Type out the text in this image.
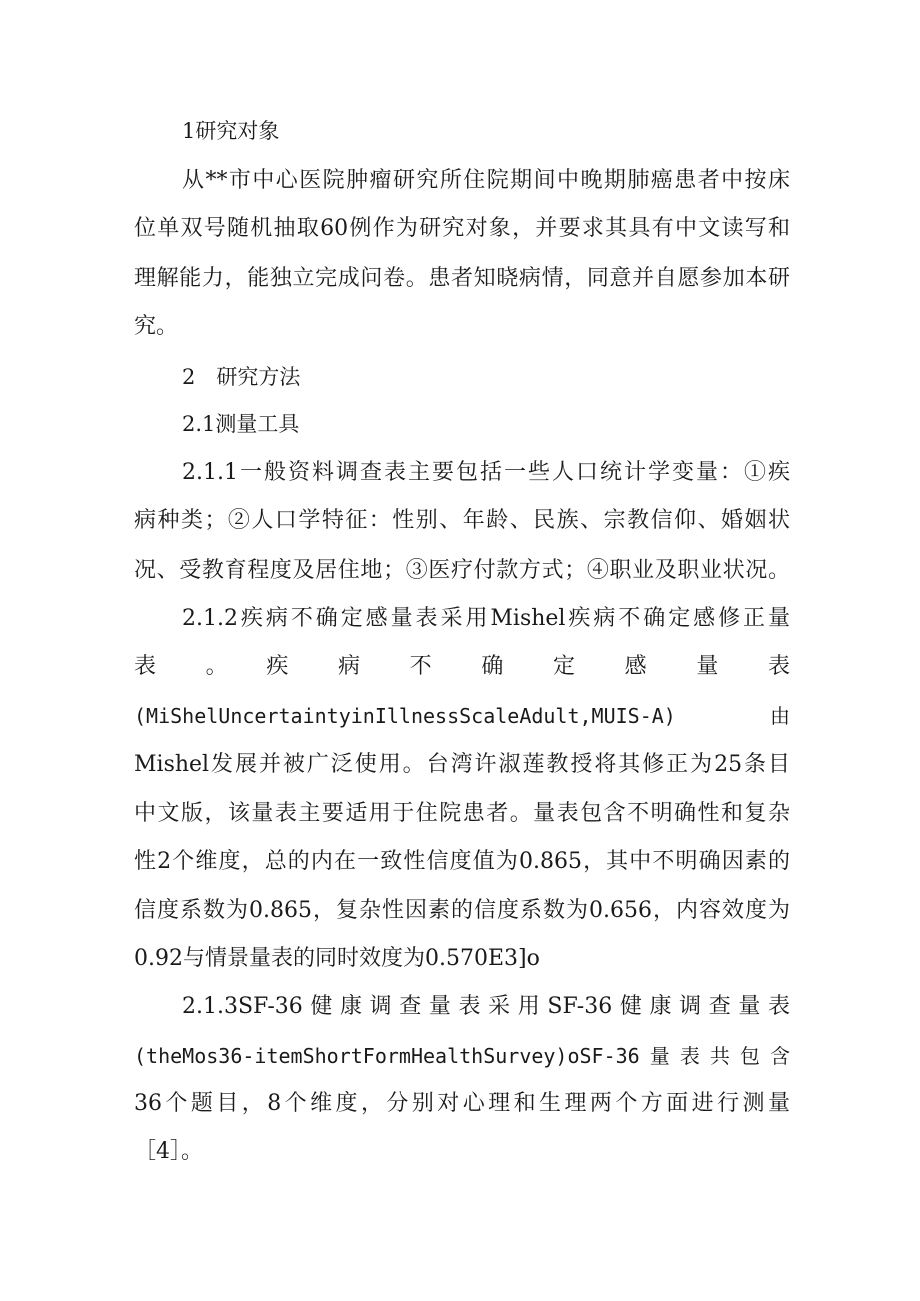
1研究对象
从**市中心医院肿瘤研究所住院期间中晚期肺癌患者中按床
位单双号随机抽取60例作为研究对象，并要求其具有中文读写和
理解能力，能独立完成问卷。患者知晓病情，同意并自愿参加本研
究。
2　研究方法
2.1测量工具
2.1.1一般资料调查表主要包括一些人口统计学变量：①疾
病种类；②人口学特征：性别、年龄、民族、宗教信仰、婚姻状
况、受教育程度及居住地；③医疗付款方式；④职业及职业状况。
2.1.2疾病不确定感量表采用Mishel疾病不确定感修正量
表　。　疾　病　不　确　定　感　量　表
(MiShelUncertaintyinIllnessScaleAdult,MUIS-A)　　由
Mishel发展并被广泛使用。台湾许淑莲教授将其修正为25条目
中文版，该量表主要适用于住院患者。量表包含不明确性和复杂
性2个维度，总的内在一致性信度值为0.865，其中不明确因素的
信度系数为0.865，复杂性因素的信度系数为0.656，内容效度为
0.92与情景量表的同时效度为0.570E3]o
2.1.3SF-36健康调查量表采用SF-36健康调查量表
(theMos36-itemShortFormHealthSurvey)oSF-36量表共包含
36个题目，8个维度，分别对心理和生理两个方面进行测量
［4］。
